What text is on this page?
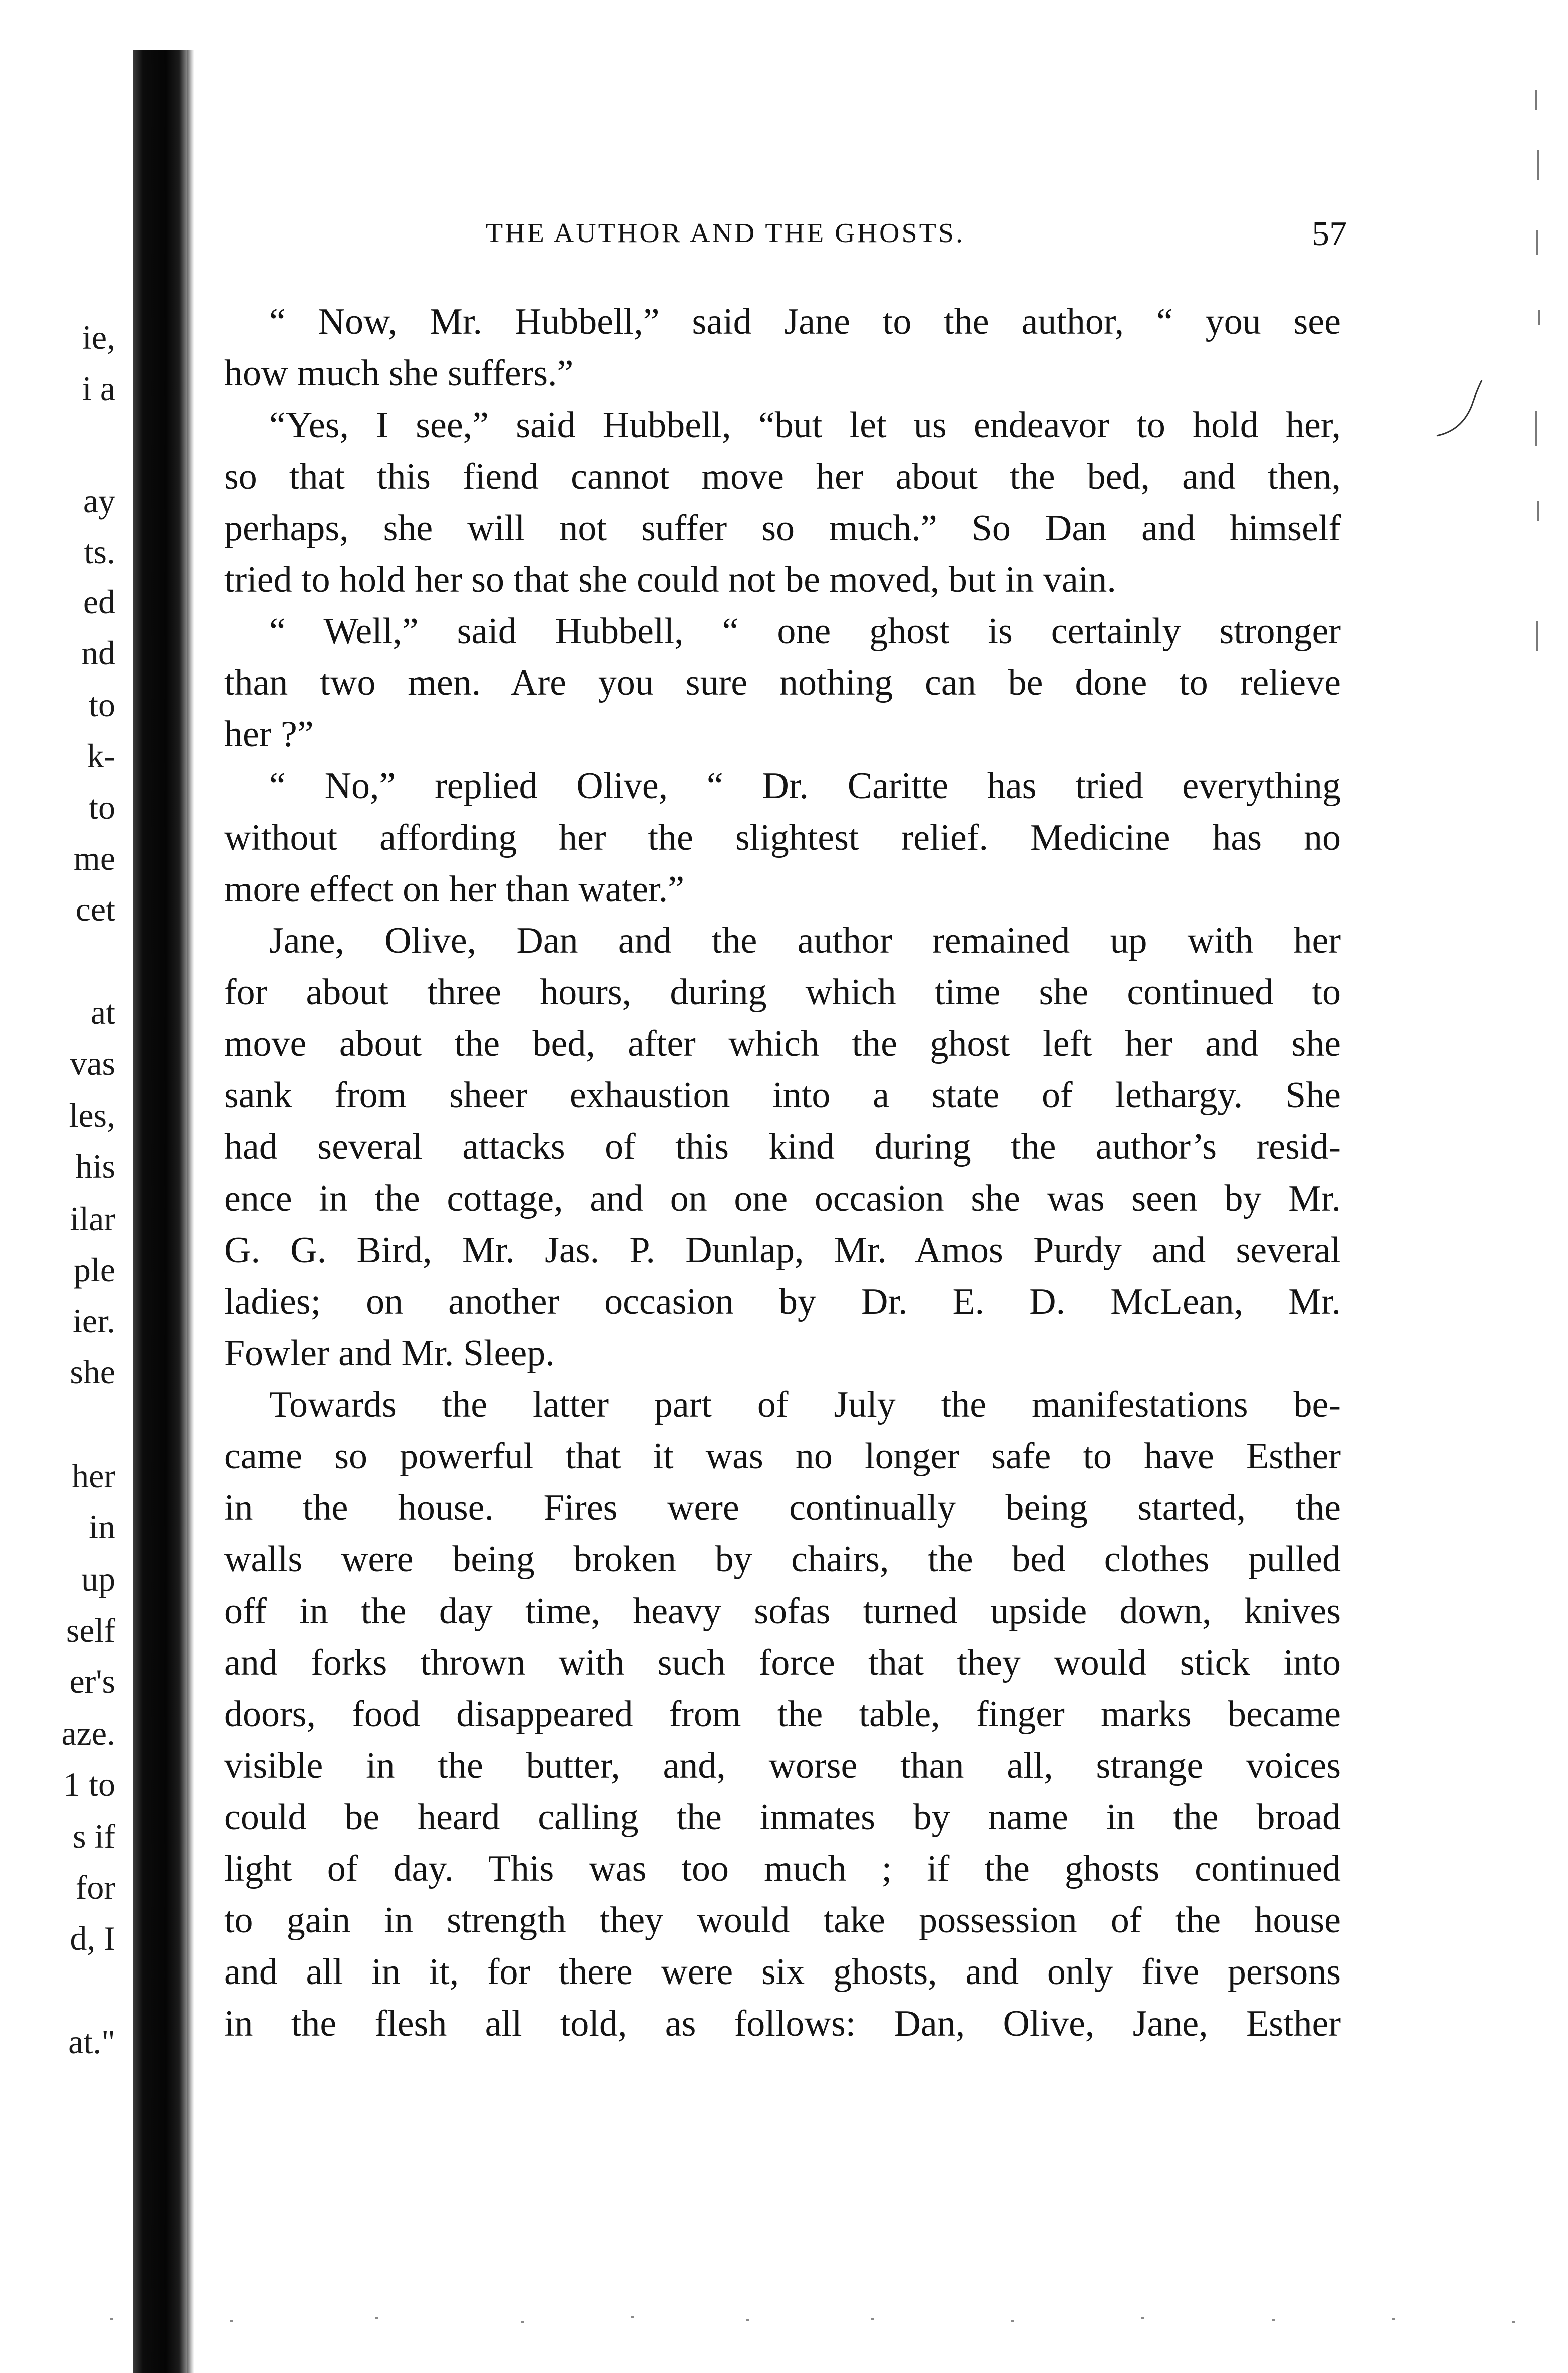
ie,
i a
ay
ts.
ed
nd
to
k-
to
me
cet
at
vas
les,
his
ilar
ple
ier.
she
her
in
up
self
er's
aze.
1 to
s if
for
d, I
at."
THE AUTHOR AND THE GHOSTS.	57
“ Now, Mr. Hubbell,” said Jane to the author, “ you see
how much she suffers.”
“Yes, I see,” said Hubbell, “but let us endeavor to hold her,
so that this fiend cannot move her about the bed, and then,
perhaps, she will not suffer so much.” So Dan and himself
tried to hold her so that she could not be moved, but in vain.
“ Well,” said Hubbell, “ one ghost is certainly stronger
than two men. Are you sure nothing can be done to relieve
her ?”
“ No,” replied Olive, “ Dr. Caritte has tried everything
without affording her the slightest relief. Medicine has no
more effect on her than water.”
Jane, Olive, Dan and the author remained up with her
for about three hours, during which time she continued to
move about the bed, after which the ghost left her and she
sank from sheer exhaustion into a state of lethargy. She
had several attacks of this kind during the author’s resid-
ence in the cottage, and on one occasion she was seen by Mr.
G. G. Bird, Mr. Jas. P. Dunlap, Mr. Amos Purdy and several
ladies; on another occasion by Dr. E. D. McLean, Mr.
Fowler and Mr. Sleep.
Towards the latter part of July the manifestations be-
came so powerful that it was no longer safe to have Esther
in the house. Fires were continually being started, the
walls were being broken by chairs, the bed clothes pulled
off in the day time, heavy sofas turned upside down, knives
and forks thrown with such force that they would stick into
doors, food disappeared from the table, finger marks became
visible in the butter, and, worse than all, strange voices
could be heard calling the inmates by name in the broad
light of day. This was too much ; if the ghosts continued
to gain in strength they would take possession of the house
and all in it, for there were six ghosts, and only five persons
in the flesh all told, as follows: Dan, Olive, Jane, Esther
